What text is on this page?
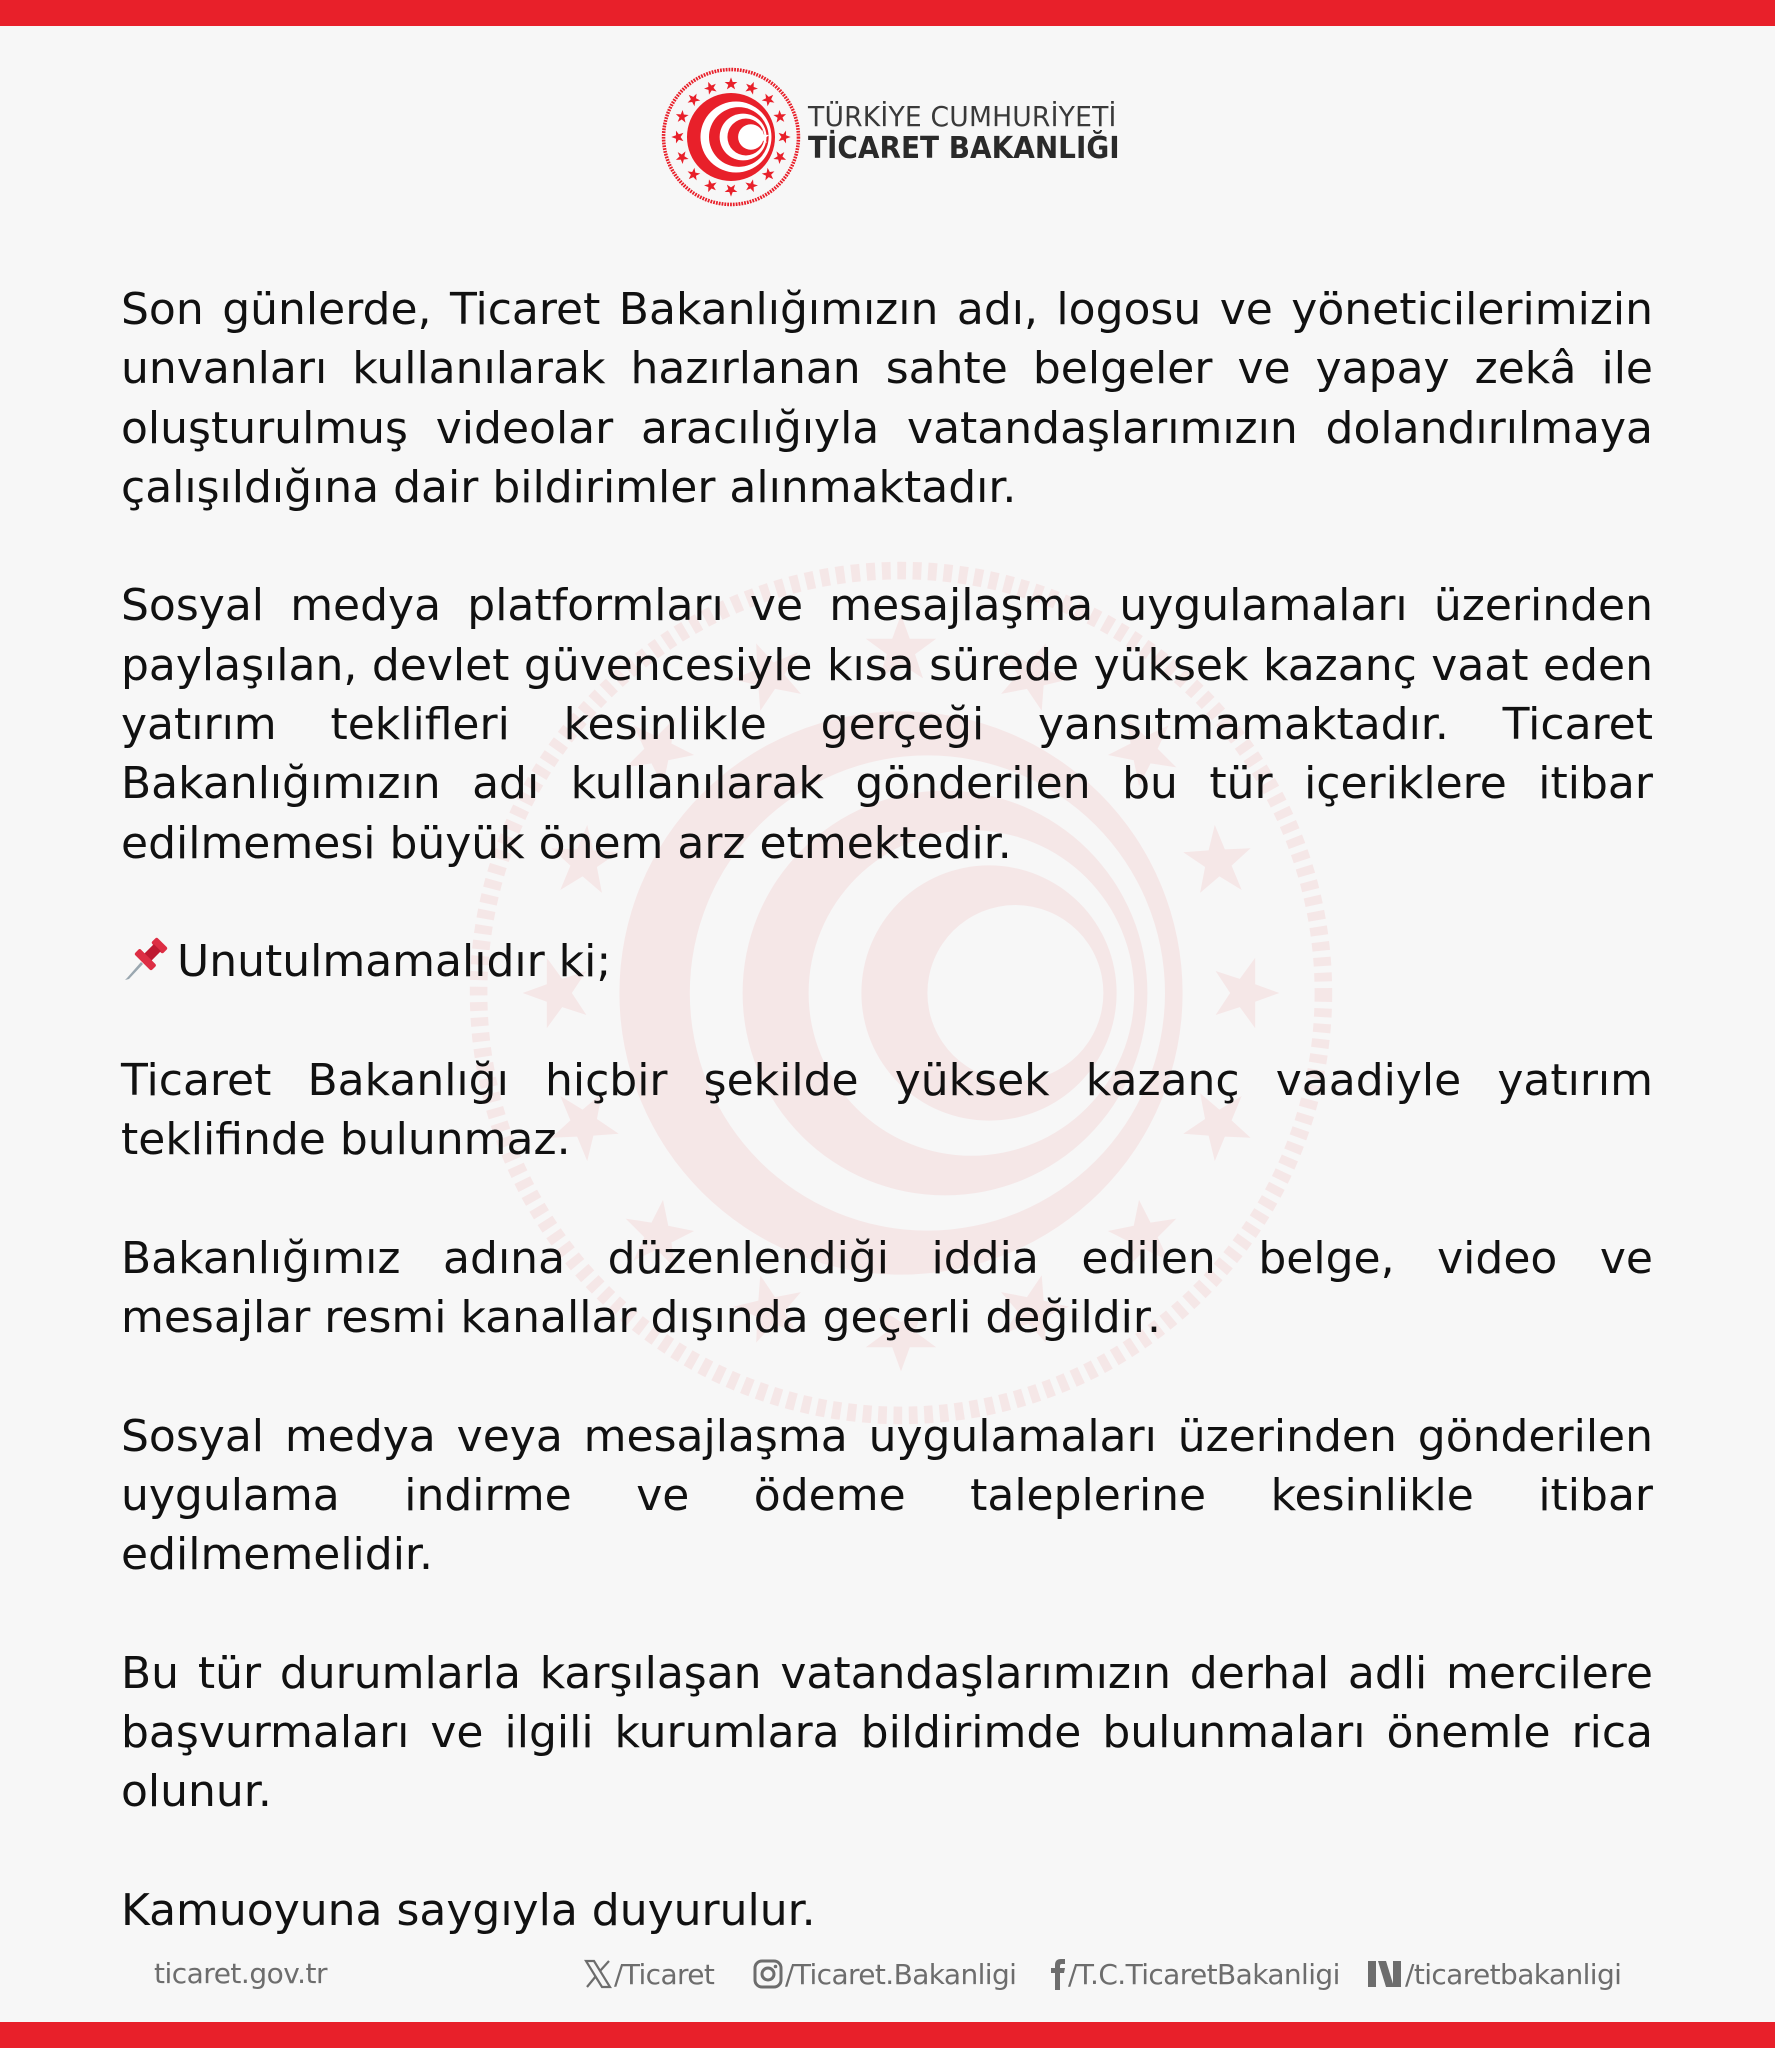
TÜRKİYE CUMHURİYETİ
TİCARET BAKANLIĞI

Son günlerde, Ticaret Bakanlığımızın adı, logosu ve yöneticilerimizin unvanları kullanılarak hazırlanan sahte belgeler ve yapay zekâ ile oluşturulmuş videolar aracılığıyla vatandaşlarımızın dolandırılmaya çalışıldığına dair bildirimler alınmaktadır.

Sosyal medya platformları ve mesajlaşma uygulamaları üzerinden paylaşılan, devlet güvencesiyle kısa sürede yüksek kazanç vaat eden yatırım teklifleri kesinlikle gerçeği yansıtmamaktadır. Ticaret Bakanlığımızın adı kullanılarak gönderilen bu tür içeriklere itibar edilmemesi büyük önem arz etmektedir.

Unutulmamalıdır ki;

Ticaret Bakanlığı hiçbir şekilde yüksek kazanç vaadiyle yatırım teklifinde bulunmaz.

Bakanlığımız adına düzenlendiği iddia edilen belge, video ve mesajlar resmi kanallar dışında geçerli değildir.

Sosyal medya veya mesajlaşma uygulamaları üzerinden gönderilen uygulama indirme ve ödeme taleplerine kesinlikle itibar edilmemelidir.

Bu tür durumlarla karşılaşan vatandaşlarımızın derhal adli mercilere başvurmaları ve ilgili kurumlara bildirimde bulunmaları önemle rica olunur.

Kamuoyuna saygıyla duyurulur.

ticaret.gov.tr	/Ticaret	/Ticaret.Bakanligi /T.C.TicaretBakanligi /ticaretbakanligi
